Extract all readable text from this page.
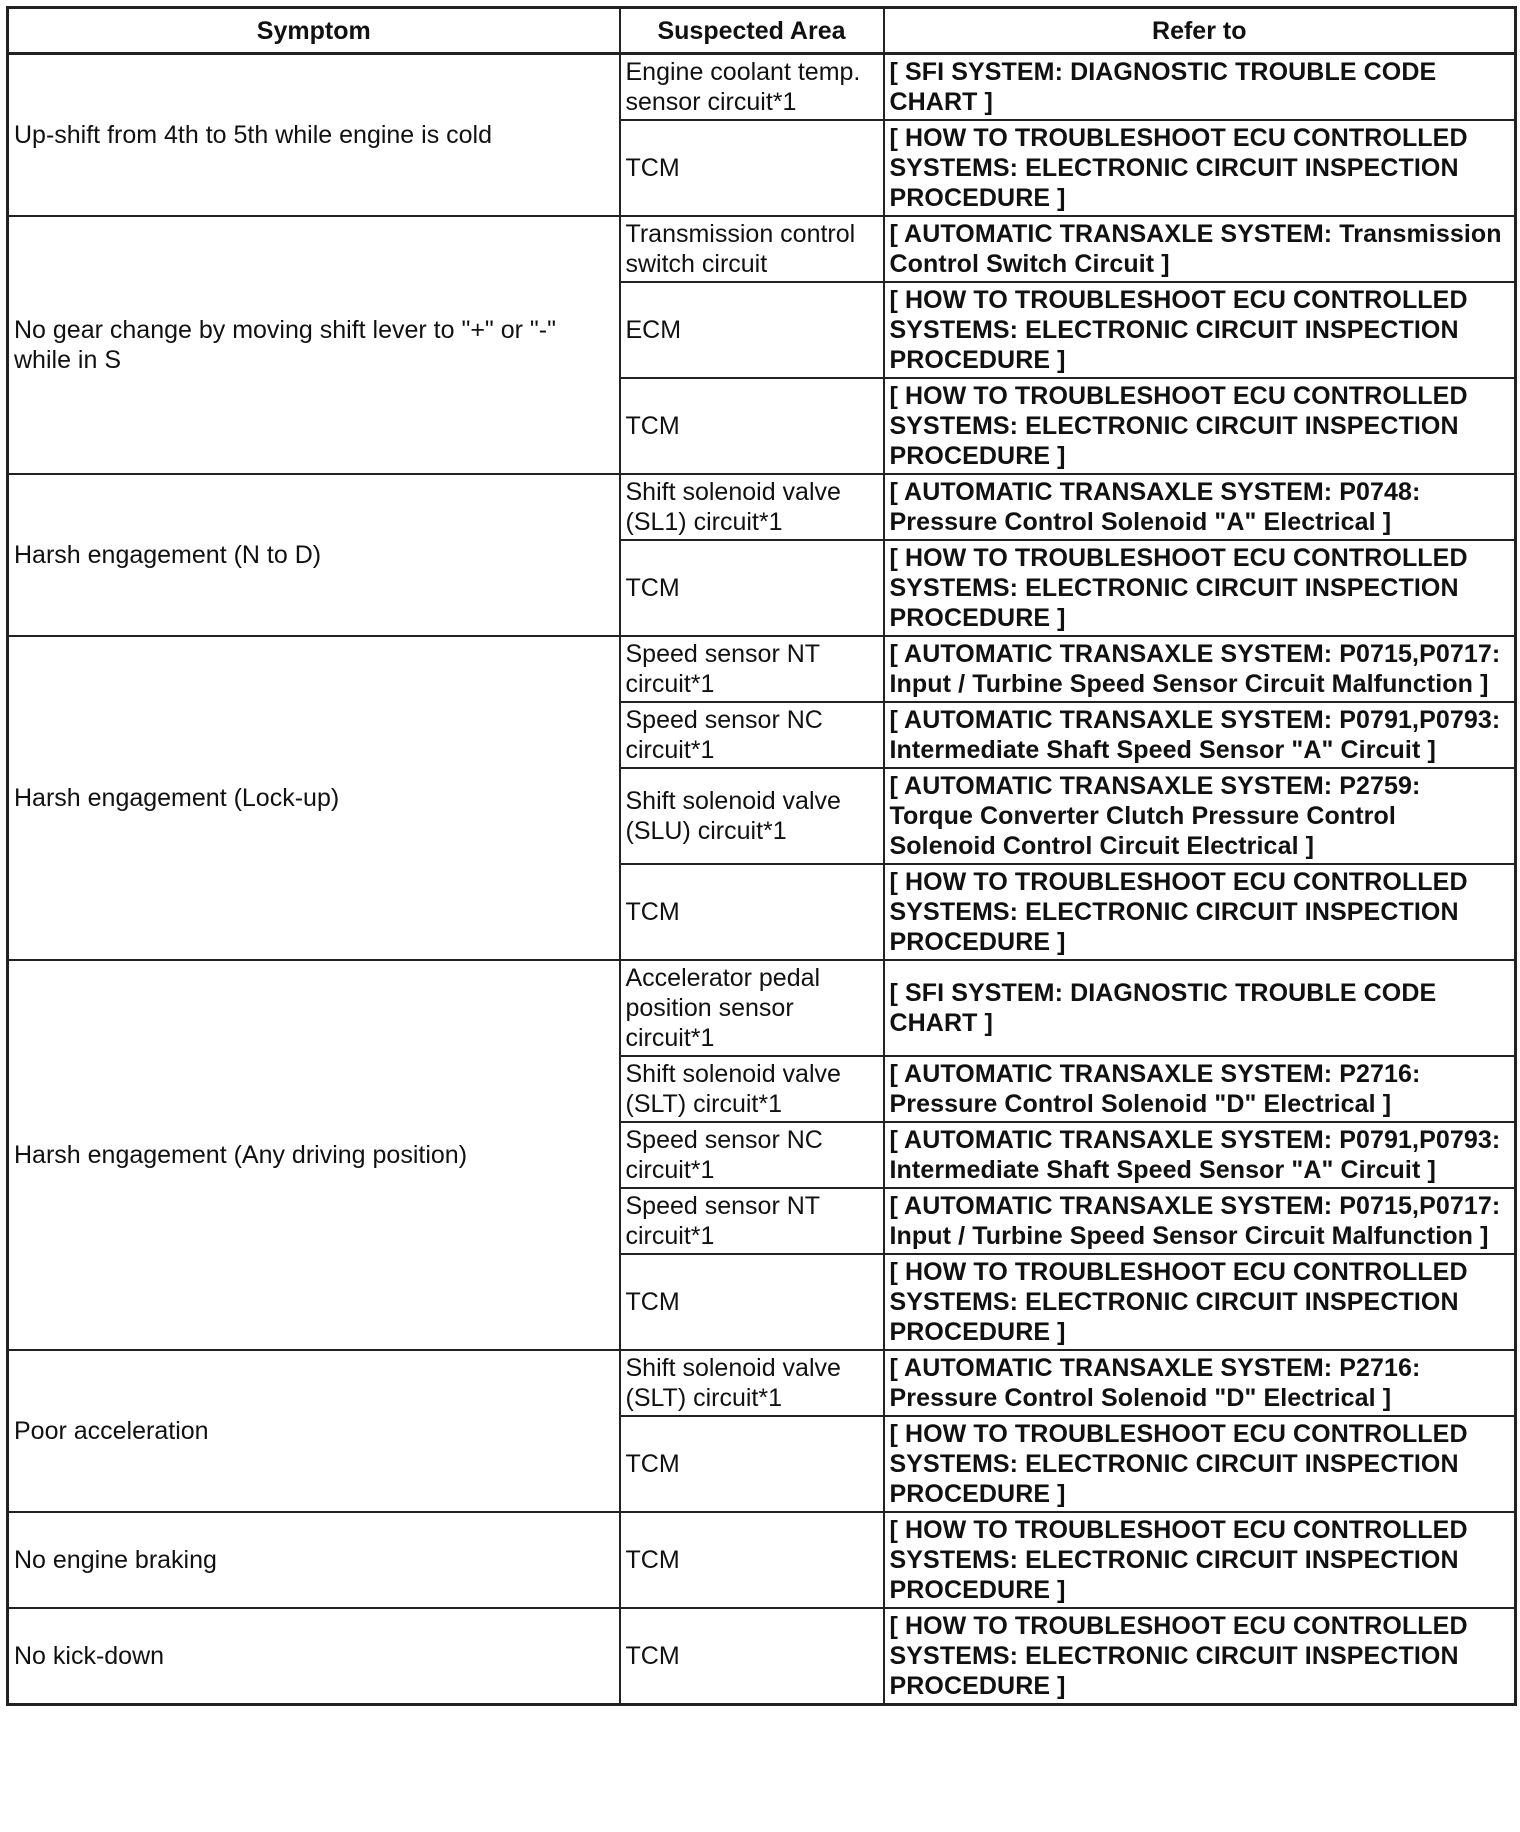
Symptom	Suspected Area	Refer to
Up-shift from 4th to 5th while engine is cold	Engine coolant temp. sensor circuit*1	[ SFI SYSTEM: DIAGNOSTIC TROUBLE CODE CHART ]
	TCM	[ HOW TO TROUBLESHOOT ECU CONTROLLED SYSTEMS: ELECTRONIC CIRCUIT INSPECTION PROCEDURE ]
No gear change by moving shift lever to "+" or "-" while in S	Transmission control switch circuit	[ AUTOMATIC TRANSAXLE SYSTEM: Transmission Control Switch Circuit ]
	ECM	[ HOW TO TROUBLESHOOT ECU CONTROLLED SYSTEMS: ELECTRONIC CIRCUIT INSPECTION PROCEDURE ]
	TCM	[ HOW TO TROUBLESHOOT ECU CONTROLLED SYSTEMS: ELECTRONIC CIRCUIT INSPECTION PROCEDURE ]
Harsh engagement (N to D)	Shift solenoid valve (SL1) circuit*1	[ AUTOMATIC TRANSAXLE SYSTEM: P0748: Pressure Control Solenoid "A" Electrical ]
	TCM	[ HOW TO TROUBLESHOOT ECU CONTROLLED SYSTEMS: ELECTRONIC CIRCUIT INSPECTION PROCEDURE ]
Harsh engagement (Lock-up)	Speed sensor NT circuit*1	[ AUTOMATIC TRANSAXLE SYSTEM: P0715,P0717: Input / Turbine Speed Sensor Circuit Malfunction ]
	Speed sensor NC circuit*1	[ AUTOMATIC TRANSAXLE SYSTEM: P0791,P0793: Intermediate Shaft Speed Sensor "A" Circuit ]
	Shift solenoid valve (SLU) circuit*1	[ AUTOMATIC TRANSAXLE SYSTEM: P2759: Torque Converter Clutch Pressure Control Solenoid Control Circuit Electrical ]
	TCM	[ HOW TO TROUBLESHOOT ECU CONTROLLED SYSTEMS: ELECTRONIC CIRCUIT INSPECTION PROCEDURE ]
Harsh engagement (Any driving position)	Accelerator pedal position sensor circuit*1	[ SFI SYSTEM: DIAGNOSTIC TROUBLE CODE CHART ]
	Shift solenoid valve (SLT) circuit*1	[ AUTOMATIC TRANSAXLE SYSTEM: P2716: Pressure Control Solenoid "D" Electrical ]
	Speed sensor NC circuit*1	[ AUTOMATIC TRANSAXLE SYSTEM: P0791,P0793: Intermediate Shaft Speed Sensor "A" Circuit ]
	Speed sensor NT circuit*1	[ AUTOMATIC TRANSAXLE SYSTEM: P0715,P0717: Input / Turbine Speed Sensor Circuit Malfunction ]
	TCM	[ HOW TO TROUBLESHOOT ECU CONTROLLED SYSTEMS: ELECTRONIC CIRCUIT INSPECTION PROCEDURE ]
Poor acceleration	Shift solenoid valve (SLT) circuit*1	[ AUTOMATIC TRANSAXLE SYSTEM: P2716: Pressure Control Solenoid "D" Electrical ]
	TCM	[ HOW TO TROUBLESHOOT ECU CONTROLLED SYSTEMS: ELECTRONIC CIRCUIT INSPECTION PROCEDURE ]
No engine braking	TCM	[ HOW TO TROUBLESHOOT ECU CONTROLLED SYSTEMS: ELECTRONIC CIRCUIT INSPECTION PROCEDURE ]
No kick-down	TCM	[ HOW TO TROUBLESHOOT ECU CONTROLLED SYSTEMS: ELECTRONIC CIRCUIT INSPECTION PROCEDURE ]
